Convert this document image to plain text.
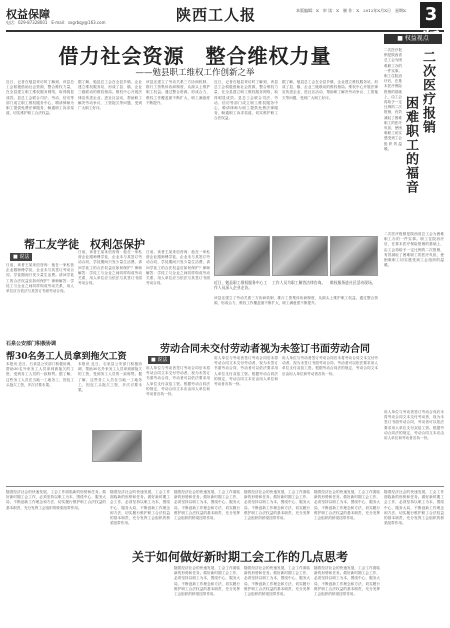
权益保障	陕西工人报	本版编辑：X　审 读：X　制 作：X　2012年X月X日　星期X 3
电话：029-87328001　E-mail：sxgrbqy@163.com
借力社会资源　整合维权力量
——勉县职工维权工作创新之举
近日，记者在勉县采访时了解到，该县总工会积极借助社会资源，整合维权力量，在全县建立职工维权服务网络，取得明显成效。县总工会联合司法、劳动、信访等部门成立职工维权服务中心，聘请律师为职工提供免费法律服务，畅通职工诉求渠道，切实维护职工合法权益。
据了解，勉县总工会在全县乡镇、企业建立维权服务站，形成了县、镇、企业三级联动的维权格局。维权中心开展法律宣传进企业、进社区活动，帮助职工解决劳动争议、工资拖欠等问题，受到广大职工好评。
该县还建立了劳动关系三方协商机制，推行工资集体协商制度，从源头上维护职工权益。通过整合资源、形成合力，维权工作覆盖面不断扩大，职工满意度不断提升。
近日，记者在勉县采访时了解到，该县总工会积极借助社会资源，整合维权力量，在全县建立职工维权服务网络，取得明显成效。县总工会联合司法、劳动、信访等部门成立职工维权服务中心，聘请律师为职工提供免费法律服务，畅通职工诉求渠道，切实维护职工合法权益。
据了解，勉县总工会在全县乡镇、企业建立维权服务站，形成了县、镇、企业三级联动的维权格局。维权中心开展法律宣传进企业、进社区活动，帮助职工解决劳动争议、工资拖欠等问题，受到广大职工好评。
■ 权益视点
二次医疗报销
困难职工的福音
二次医疗报销是陕西省总工会为困难职工办的一件实事。职工住院治疗后，在基本医疗保险报销的基础上，由工会再给予一定比例的二次报销，有效减轻了困难职工的医疗负担，使困难职工切实感受到工会组织的温暖。
二次医疗报销是陕西省总工会为困难职工办的一件实事。职工住院治疗后，在基本医疗保险报销的基础上，由工会再给予一定比例的二次报销，有效减轻了困难职工的医疗负担，使困难职工切实感受到工会组织的温暖。
帮工友学徒　权利怎保护
■ 说法
日前，读者王某来信咨询：他在一家私营企业跟师傅学徒，企业未与其签订劳动合同，学徒期间只发少量生活费。请问学徒工的合法权益应如何保护？律师解答：学徒工与企业之间同样构成劳动关系，用人单位应当依法与其签订书面劳动合同。
日前，读者王某来信咨询：他在一家私营企业跟师傅学徒，企业未与其签订劳动合同，学徒期间只发少量生活费。请问学徒工的合法权益应如何保护？律师解答：学徒工与企业之间同样构成劳动关系，用人单位应当依法与其签订书面劳动合同。
日前，读者王某来信咨询：他在一家私营企业跟师傅学徒，企业未与其签订劳动合同，学徒期间只发少量生活费。请问学徒工的合法权益应如何保护？律师解答：学徒工与企业之间同样构成劳动关系，用人单位应当依法与其签订书面劳动合同。	近日，勉县职工维权服务中心工作人员深入企业走访。
工作人员为职工解答法律咨询。	维权服务进社区活动现场。
该县还建立了劳动关系三方协商机制，推行工资集体协商制度，从源头上维护职工权益。通过整合资源、形成合力，维权工作覆盖面不断扩大，职工满意度不断提升。
石泉公安部门积极协调
帮30名务工人员拿到拖欠工资
本报讯 近日，石泉县公安部门积极协调，帮助30名外来务工人员拿到被拖欠的工资，受到务工人员的一致称赞。据了解，这些务工人员在当地一工地务工，因包工头拖欠工资，多次讨要未果。
本报讯 近日，石泉县公安部门积极协调，帮助30名外来务工人员拿到被拖欠的工资，受到务工人员的一致称赞。据了解，这些务工人员在当地一工地务工，因包工头拖欠工资，多次讨要未果。
劳动合同未交付劳动者视为未签订书面劳动合同
■ 说法
用人单位与劳动者签订劳动合同后未将劳动合同文本交付劳动者，视为未签订书面劳动合同，劳动者可以依法要求用人单位支付双倍工资。根据劳动合同法的规定，劳动合同文本应由用人单位和劳动者各执一份。
用人单位与劳动者签订劳动合同后未将劳动合同文本交付劳动者，视为未签订书面劳动合同，劳动者可以依法要求用人单位支付双倍工资。根据劳动合同法的规定，劳动合同文本应由用人单位和劳动者各执一份。
用人单位与劳动者签订劳动合同后未将劳动合同文本交付劳动者，视为未签订书面劳动合同，劳动者可以依法要求用人单位支付双倍工资。根据劳动合同法的规定，劳动合同文本应由用人单位和劳动者各执一份。
用人单位与劳动者签订劳动合同后未将劳动合同文本交付劳动者，视为未签订书面劳动合同，劳动者可以依法要求用人单位支付双倍工资。根据劳动合同法的规定，劳动合同文本应由用人单位和劳动者各执一份。
随着经济社会的快速发展，工会工作面临新的形势和任务。做好新时期工会工作，必须坚持以职工为本，围绕中心、服务大局，不断创新工作理念和方法，切实履行维护职工合法权益的基本职责，充分发挥工会组织的桥梁纽带作用。
随着经济社会的快速发展，工会工作面临新的形势和任务。做好新时期工会工作，必须坚持以职工为本，围绕中心、服务大局，不断创新工作理念和方法，切实履行维护职工合法权益的基本职责，充分发挥工会组织的桥梁纽带作用。
关于如何做好新时期工会工作的几点思考
随着经济社会的快速发展，工会工作面临新的形势和任务。做好新时期工会工作，必须坚持以职工为本，围绕中心、服务大局，不断创新工作理念和方法，切实履行维护职工合法权益的基本职责，充分发挥工会组织的桥梁纽带作用。
随着经济社会的快速发展，工会工作面临新的形势和任务。做好新时期工会工作，必须坚持以职工为本，围绕中心、服务大局，不断创新工作理念和方法，切实履行维护职工合法权益的基本职责，充分发挥工会组织的桥梁纽带作用。
随着经济社会的快速发展，工会工作面临新的形势和任务。做好新时期工会工作，必须坚持以职工为本，围绕中心、服务大局，不断创新工作理念和方法，切实履行维护职工合法权益的基本职责，充分发挥工会组织的桥梁纽带作用。
随着经济社会的快速发展，工会工作面临新的形势和任务。做好新时期工会工作，必须坚持以职工为本，围绕中心、服务大局，不断创新工作理念和方法，切实履行维护职工合法权益的基本职责，充分发挥工会组织的桥梁纽带作用。
随着经济社会的快速发展，工会工作面临新的形势和任务。做好新时期工会工作，必须坚持以职工为本，围绕中心、服务大局，不断创新工作理念和方法，切实履行维护职工合法权益的基本职责，充分发挥工会组织的桥梁纽带作用。
随着经济社会的快速发展，工会工作面临新的形势和任务。做好新时期工会工作，必须坚持以职工为本，围绕中心、服务大局，不断创新工作理念和方法，切实履行维护职工合法权益的基本职责，充分发挥工会组织的桥梁纽带作用。
随着经济社会的快速发展，工会工作面临新的形势和任务。做好新时期工会工作，必须坚持以职工为本，围绕中心、服务大局，不断创新工作理念和方法，切实履行维护职工合法权益的基本职责，充分发挥工会组织的桥梁纽带作用。
